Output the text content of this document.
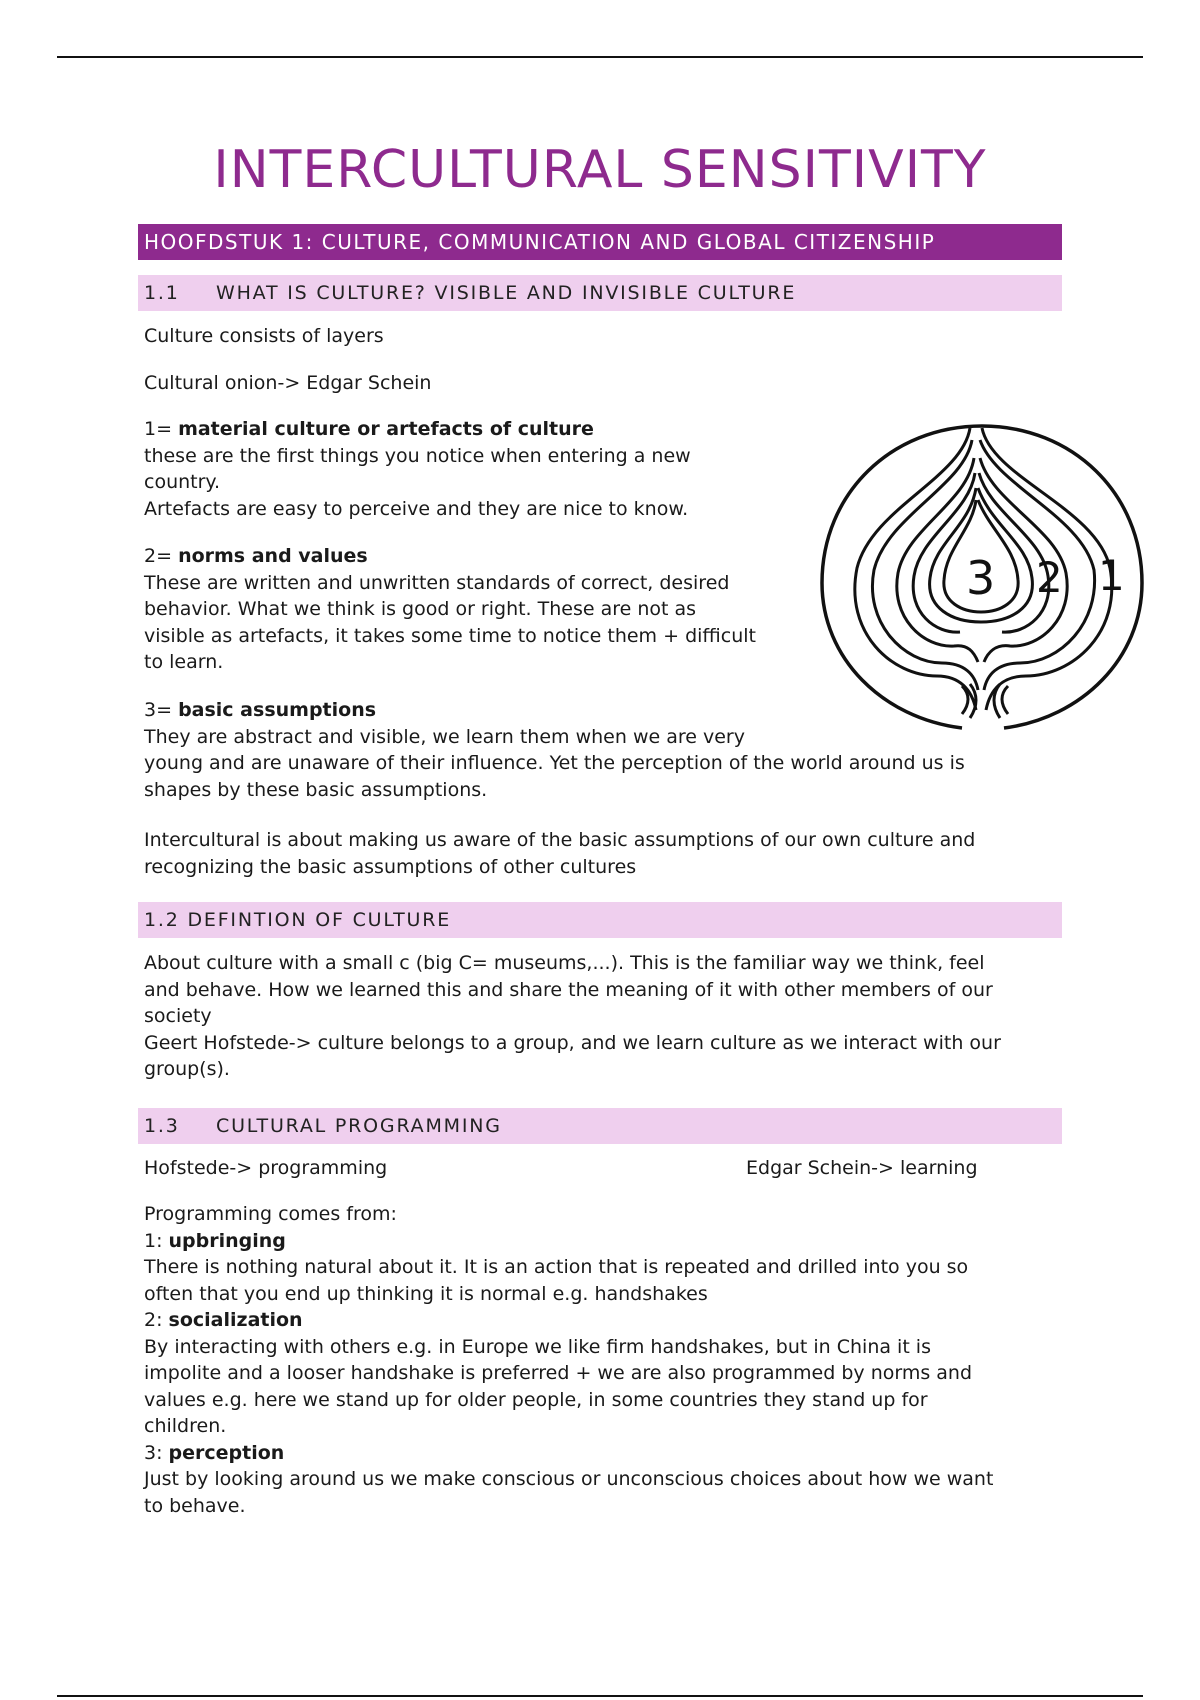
INTERCULTURAL SENSITIVITY
HOOFDSTUK 1: CULTURE, COMMUNICATION AND GLOBAL CITIZENSHIP
1.1 WHAT IS CULTURE? VISIBLE AND INVISIBLE CULTURE

Culture consists of layers

Cultural onion-> Edgar Schein

1= material culture or artefacts of culture
these are the first things you notice when entering a new
country.
Artefacts are easy to perceive and they are nice to know.

2= norms and values
These are written and unwritten standards of correct, desired
behavior. What we think is good or right. These are not as
visible as artefacts, it takes some time to notice them + difficult
to learn.

3= basic assumptions
They are abstract and visible, we learn them when we are very
young and are unaware of their influence. Yet the perception of the world around us is
shapes by these basic assumptions.

Intercultural is about making us aware of the basic assumptions of our own culture and
recognizing the basic assumptions of other cultures

1.2 DEFINTION OF CULTURE

About culture with a small c (big C= museums,...). This is the familiar way we think, feel
and behave. How we learned this and share the meaning of it with other members of our
society
Geert Hofstede-> culture belongs to a group, and we learn culture as we interact with our
group(s).

1.3 CULTURAL PROGRAMMING

Hofstede-> programming	Edgar Schein-> learning

Programming comes from:
1: upbringing
There is nothing natural about it. It is an action that is repeated and drilled into you so
often that you end up thinking it is normal e.g. handshakes
2: socialization
By interacting with others e.g. in Europe we like firm handshakes, but in China it is
impolite and a looser handshake is preferred + we are also programmed by norms and
values e.g. here we stand up for older people, in some countries they stand up for
children.
3: perception
Just by looking around us we make conscious or unconscious choices about how we want
to behave.

3 2 1
